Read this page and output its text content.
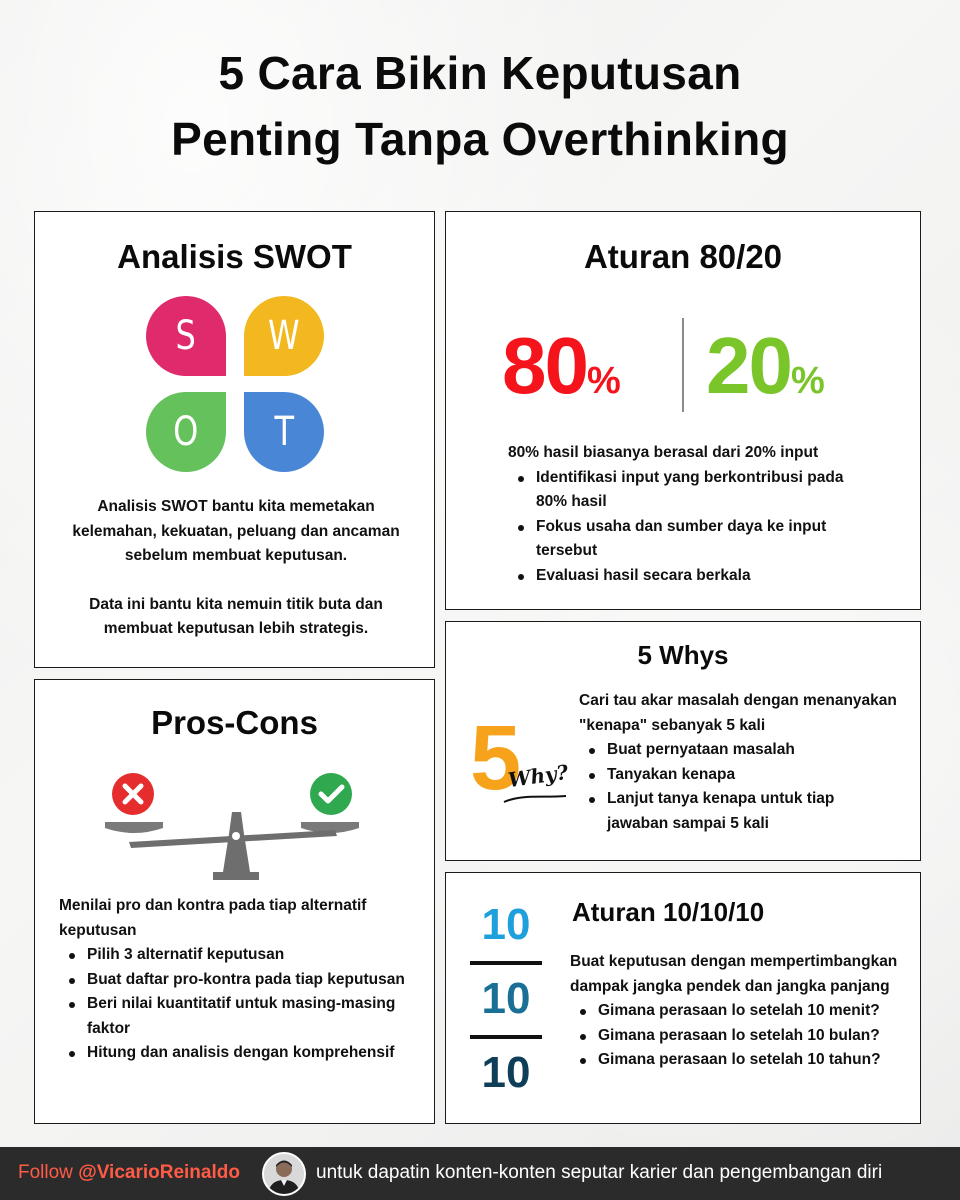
5 Cara Bikin Keputusan
Penting Tanpa Overthinking
Analisis SWOT
S W
O T

Analisis SWOT bantu kita memetakan kelemahan, kekuatan, peluang dan ancaman sebelum membuat keputusan.

Data ini bantu kita nemuin titik buta dan membuat keputusan lebih strategis.

Aturan 80/20
80% 20%

80% hasil biasanya berasal dari 20% input

Identifikasi input yang berkontribusi pada 80% hasil
Fokus usaha dan sumber daya ke input tersebut
Evaluasi hasil secara berkala
5 Whys
5
Why?

Cari tau akar masalah dengan menanyakan "kenapa" sebanyak 5 kali

Buat pernyataan masalah
Tanyakan kenapa
Lanjut tanya kenapa untuk tiap jawaban sampai 5 kali
Pros-Cons

Menilai pro dan kontra pada tiap alternatif keputusan

Pilih 3 alternatif keputusan
Buat daftar pro-kontra pada tiap keputusan
Beri nilai kuantitatif untuk masing-masing faktor
Hitung dan analisis dengan komprehensif
10
10
10
Aturan 10/10/10

Buat keputusan dengan mempertimbangkan dampak jangka pendek dan jangka panjang

Gimana perasaan lo setelah 10 menit?
Gimana perasaan lo setelah 10 bulan?
Gimana perasaan lo setelah 10 tahun?
Follow @VicarioReinaldo	untuk dapatin konten-konten seputar karier dan pengembangan diri
